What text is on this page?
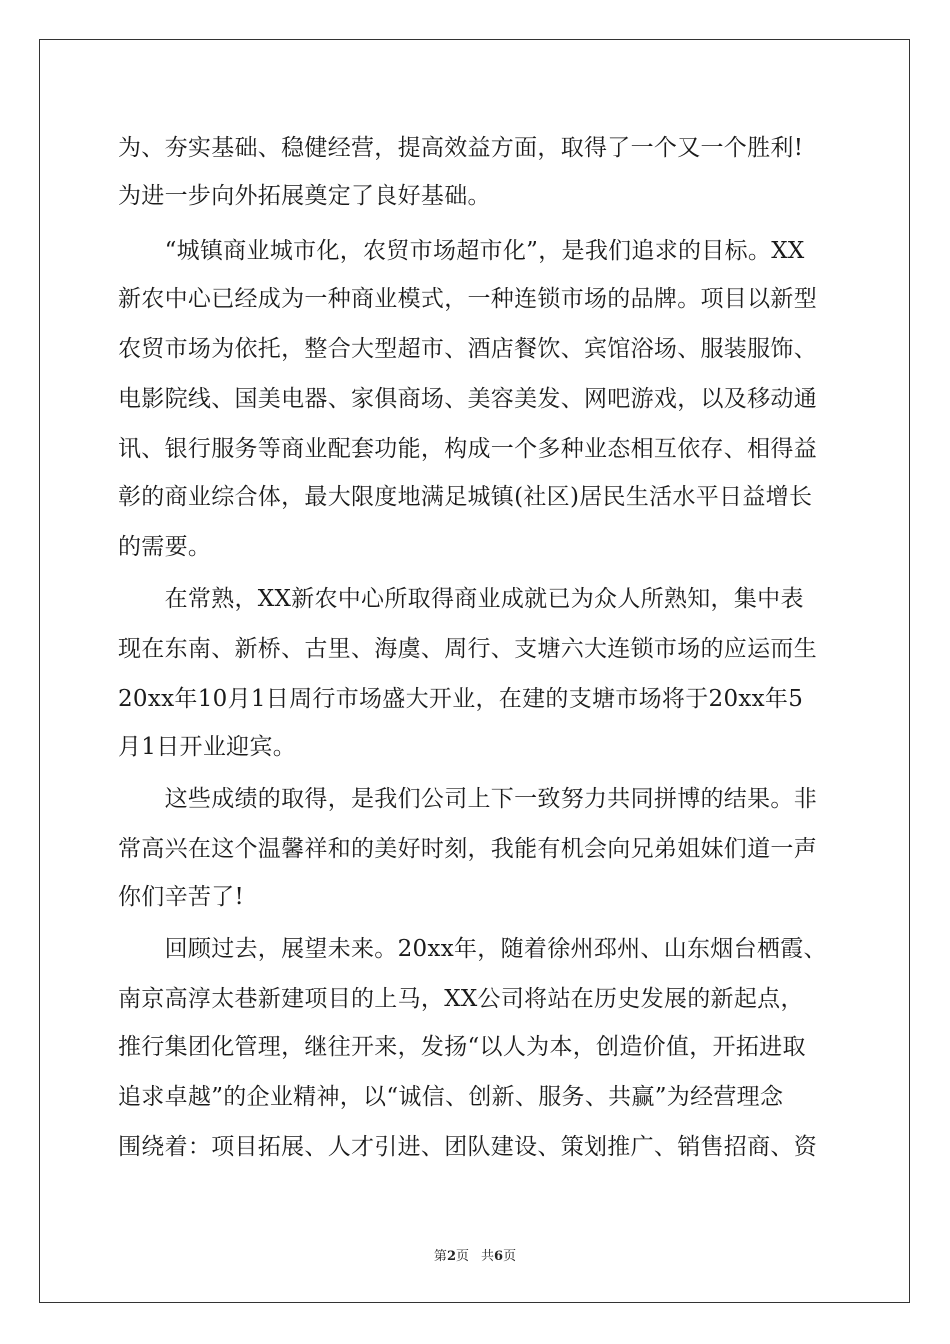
为、夯实基础、稳健经营，提高效益方面，取得了一个又一个胜利!
为进一步向外拓展奠定了良好基础。
　　“城镇商业城市化，农贸市场超市化”，是我们追求的目标。XX
新农中心已经成为一种商业模式，一种连锁市场的品牌。项目以新型
农贸市场为依托，整合大型超市、酒店餐饮、宾馆浴场、服装服饰、
电影院线、国美电器、家俱商场、美容美发、网吧游戏，以及移动通
讯、银行服务等商业配套功能，构成一个多种业态相互依存、相得益
彰的商业综合体，最大限度地满足城镇(社区)居民生活水平日益增长
的需要。
　　在常熟，XX新农中心所取得商业成就已为众人所熟知，集中表
现在东南、新桥、古里、海虞、周行、支塘六大连锁市场的应运而生
20xx年10月1日周行市场盛大开业，在建的支塘市场将于20xx年5
月1日开业迎宾。
　　这些成绩的取得，是我们公司上下一致努力共同拼博的结果。非
常高兴在这个温馨祥和的美好时刻，我能有机会向兄弟姐妹们道一声
你们辛苦了!
　　回顾过去，展望未来。20xx年，随着徐州邳州、山东烟台栖霞、
南京高淳太巷新建项目的上马，XX公司将站在历史发展的新起点，
推行集团化管理，继往开来，发扬“以人为本，创造价值，开拓进取
追求卓越”的企业精神，以“诚信、创新、服务、共赢”为经营理念
围绕着：项目拓展、人才引进、团队建设、策划推广、销售招商、资
第2页 共6页
